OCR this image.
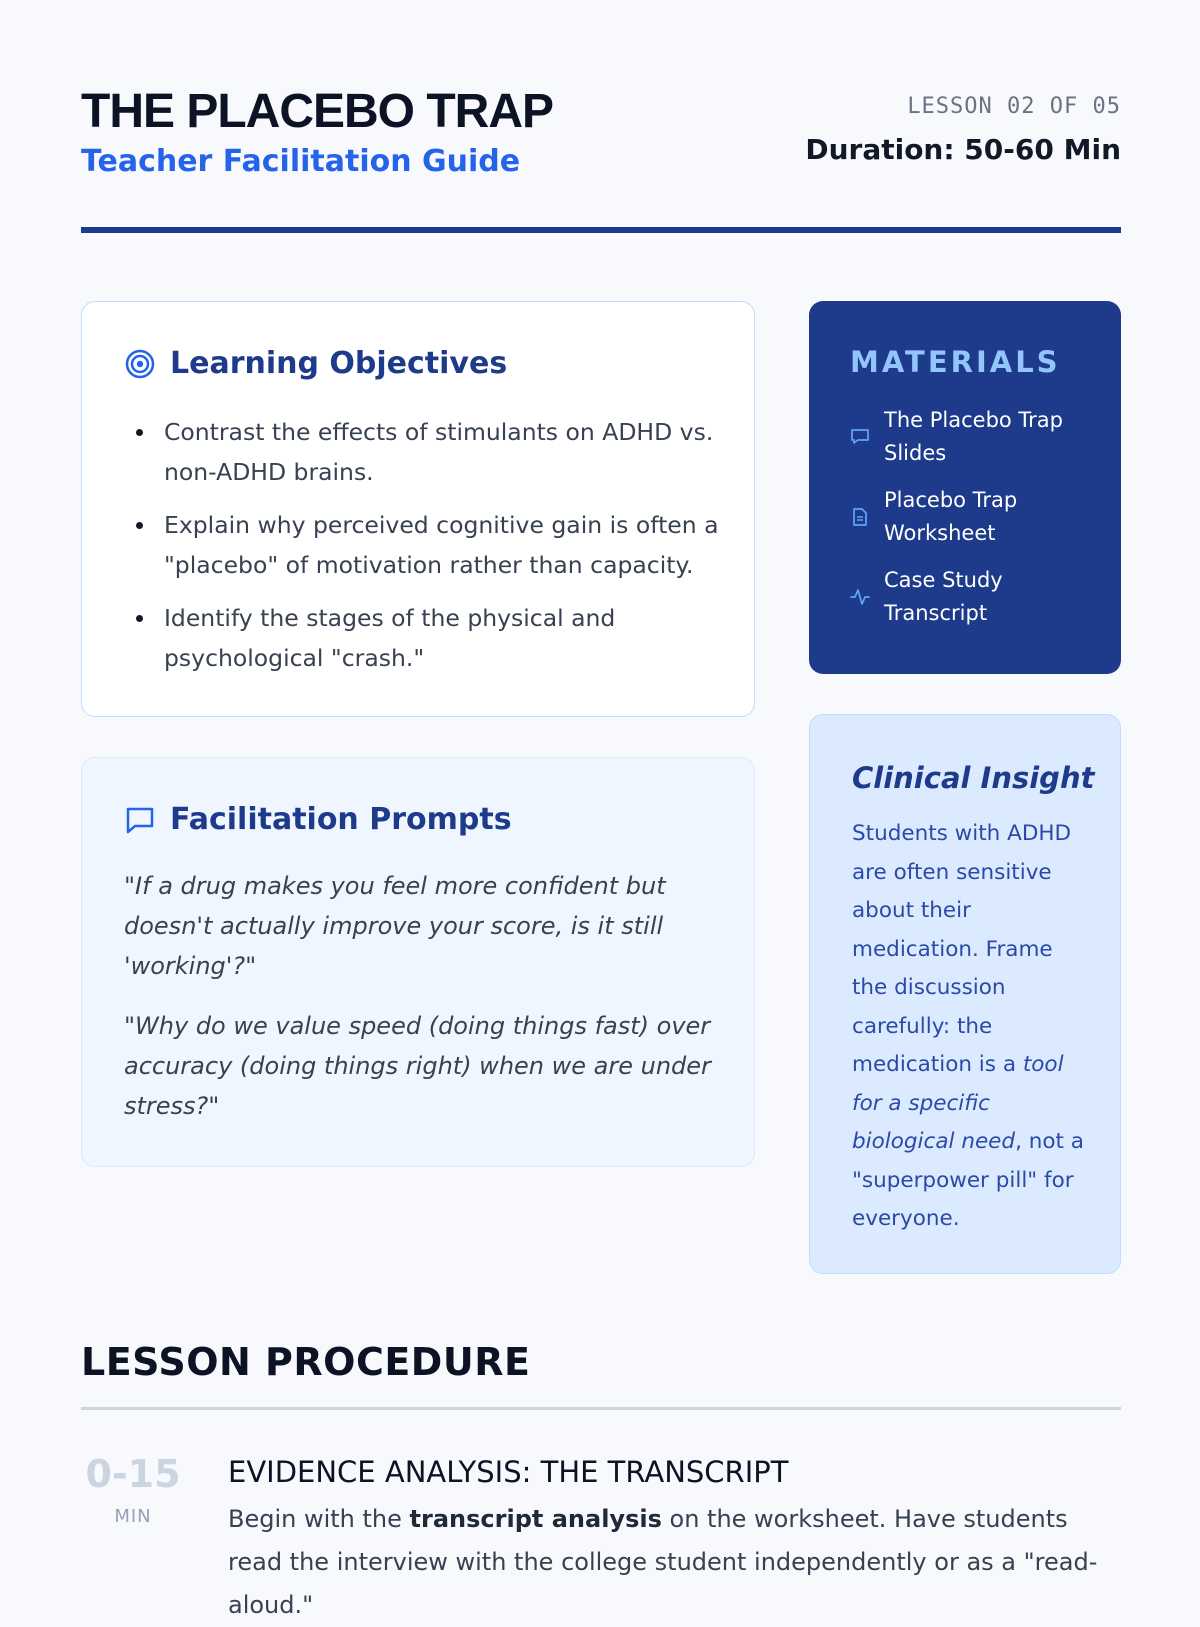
THE PLACEBO TRAP
Teacher Facilitation Guide
LESSON 02 OF 05
Duration: 50-60 Min
Learning Objectives
Contrast the effects of stimulants on ADHD vs. non-ADHD brains.
Explain why perceived cognitive gain is often a "placebo" of motivation rather than capacity.
Identify the stages of the physical and psychological "crash."
Facilitation Prompts
"If a drug makes you feel more confident but doesn't actually improve your score, is it still 'working'?"
"Why do we value speed (doing things fast) over accuracy (doing things right) when we are under stress?"
MATERIALS
The Placebo Trap Slides
Placebo Trap Worksheet
Case Study Transcript
Clinical Insight
Students with ADHD are often sensitive about their medication. Frame the discussion carefully: the medication is a tool for a specific biological need, not a "superpower pill" for everyone.
LESSON PROCEDURE
0-15
MIN
EVIDENCE ANALYSIS: THE TRANSCRIPT
Begin with the transcript analysis on the worksheet. Have students read the interview with the college student independently or as a "read-aloud."
